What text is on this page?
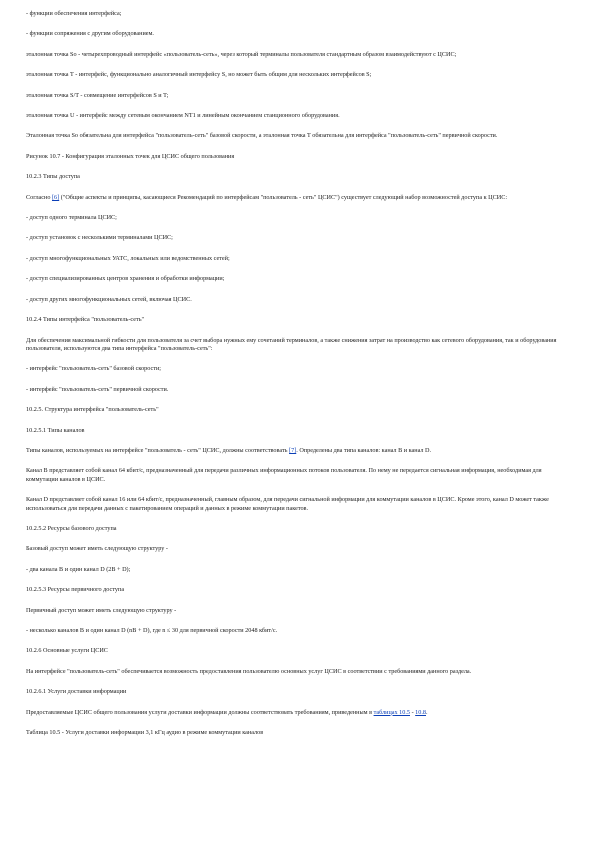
- функции обеспечения интерфейса;

- функции сопряжения с другим оборудованием.

эталонная точка Sо - четырехпроводный интерфейс «пользователь-сеть», через который терминалы пользователя стандартным образом взаимодействуют с ЦСИС;

эталонная точка T - интерфейс, функционально аналогичный интерфейсу S, но может быть общим для нескольких интерфейсов S;

эталонная точка S/T - совмещение интерфейсов S и T;

эталонная точка U - интерфейс между сетевым окончанием NT1 и линейным окончанием станционного оборудования.

Эталонная точка Sо обязательна для интерфейса "пользователь-сеть" базовой скорости, а эталонная точка T обязательна для интерфейса "пользователь-сеть" первичной скорости.

Рисунок 10.7 - Конфигурация эталонных точек для ЦСИС общего пользования

10.2.3 Типы доступа

Согласно [6] ("Общие аспекты и принципы, касающиеся Рекомендаций по интерфейсам "пользователь - сеть" ЦСИС") существует следующий набор возможностей доступа к ЦСИС:

- доступ одного терминала ЦСИС;

- доступ установок с несколькими терминалами ЦСИС;

- доступ многофункциональных УАТС, локальных или ведомственных сетей;

- доступ специализированных центров хранения и обработки информации;

- доступ других многофункциональных сетей, включая ЦСИС.

10.2.4 Типы интерфейса "пользователь-сеть"

Для обеспечения максимальной гибкости для пользователя за счет выбора нужных ему сочетаний терминалов, а также снижения затрат на производство как сетевого оборудования, так и оборудования пользователя, используются два типа интерфейса "пользователь-сеть":

- интерфейс "пользователь-сеть" базовой скорости;

- интерфейс "пользователь-сеть" первичной скорости.

10.2.5. Структура интерфейса "пользователь-сеть"

10.2.5.1 Типы каналов

Типы каналов, используемых на интерфейсе "пользователь - сеть" ЦСИС, должны соответствовать [7]. Определены два типа каналов: канал B и канал D.

Канал B представляет собой канал 64 кбит/с, предназначенный для передачи различных информационных потоков пользователя. По нему не передается сигнальная информация, необходимая для коммутации каналов в ЦСИС.

Канал D представляет собой канал 16 или 64 кбит/с, предназначенный, главным образом, для передачи сигнальной информации для коммутации каналов в ЦСИС. Кроме этого, канал D может также использоваться для передачи данных с пакетированием операций и данных в режиме коммутации пакетов.

10.2.5.2 Ресурсы базового доступа

Базовый доступ может иметь следующую структуру -

- два канала B и один канал D (2B + D);

10.2.5.3 Ресурсы первичного доступа

Первичный доступ может иметь следующую структуру -

- несколько каналов B и один канал D (nB + D), где n ≤ 30 для первичной скорости 2048 кбит/с.

10.2.6 Основные услуги ЦСИС

На интерфейсе "пользователь-сеть" обеспечивается возможность предоставления пользователю основных услуг ЦСИС в соответствии с требованиями данного раздела.

10.2.6.1 Услуги доставки информации

Предоставляемые ЦСИС общего пользования услуги доставки информации должны соответствовать требованиям, приведенным в таблицах 10.5 - 10.8.

Таблица 10.5 - Услуги доставки информации 3,1 кГц аудио в режиме коммутации каналов
